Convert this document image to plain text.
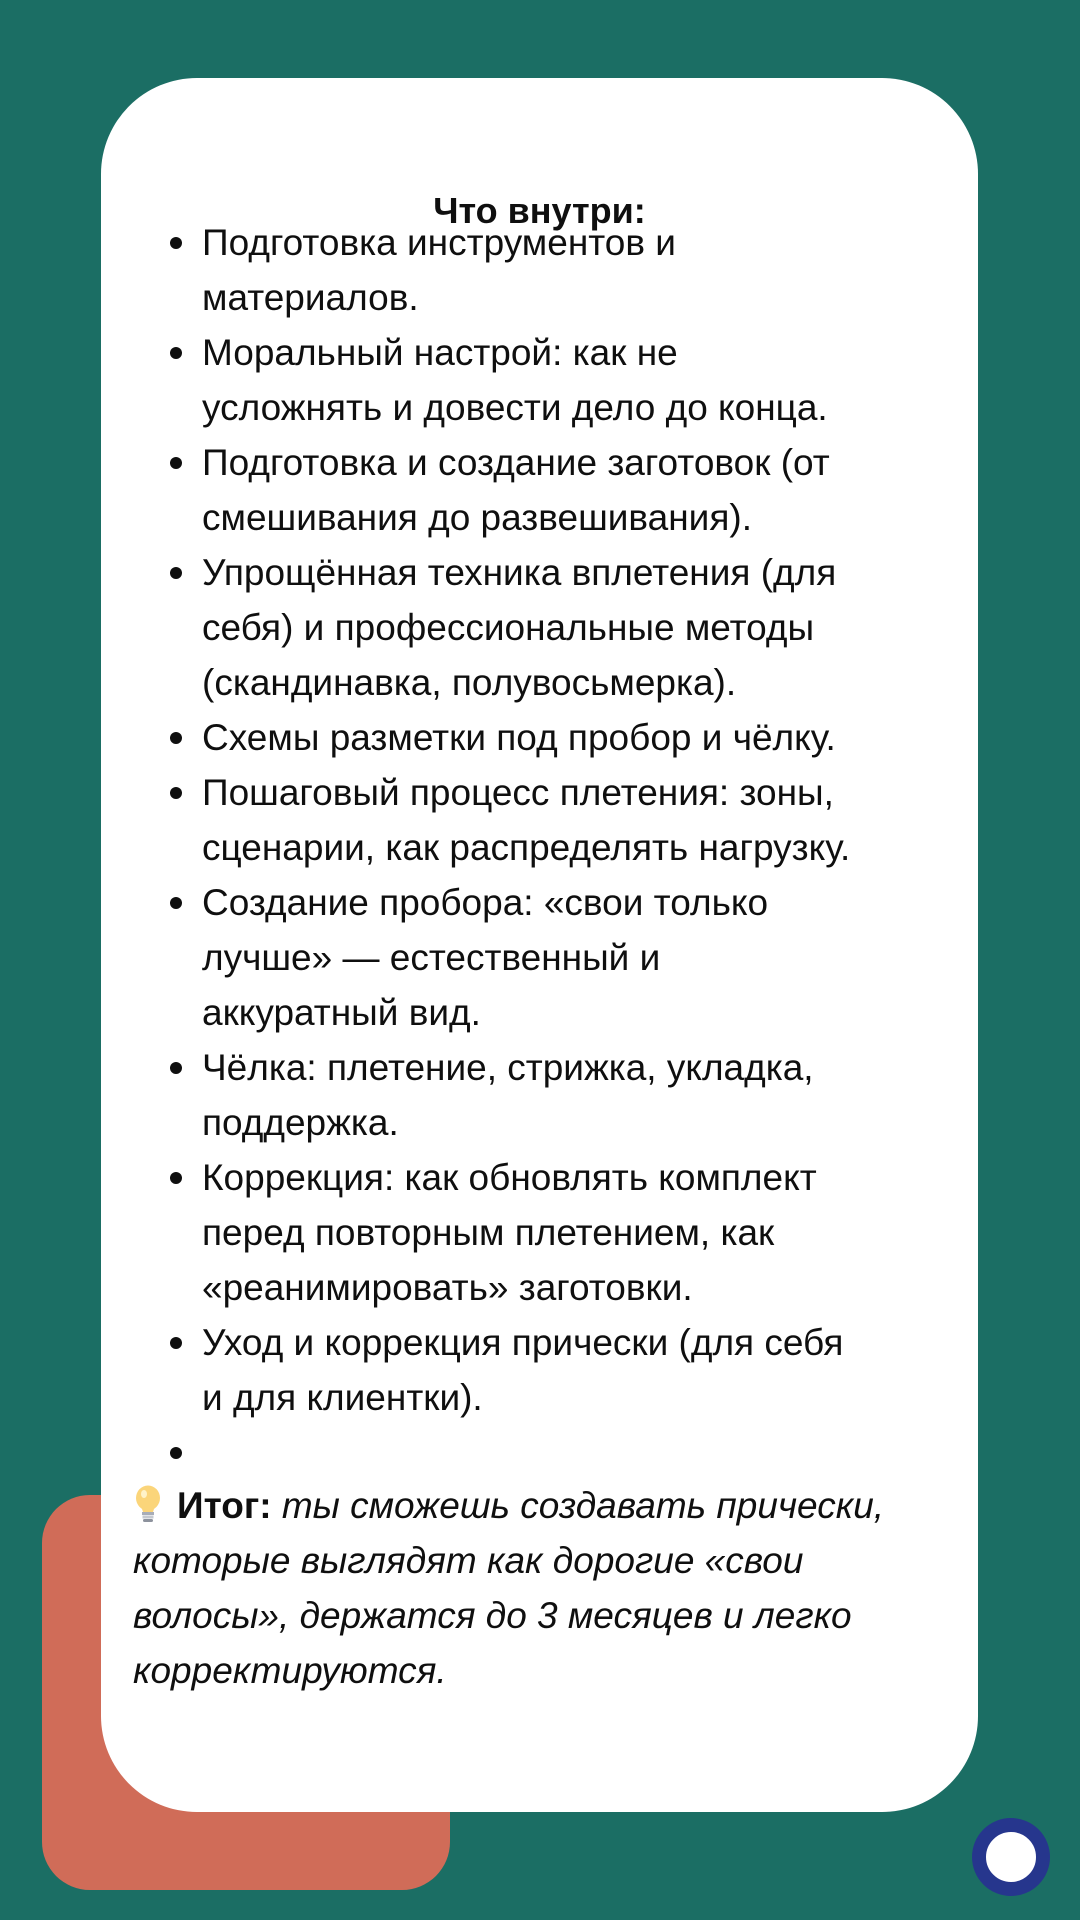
Что внутри:
Подготовка инструментов и материалов.
Моральный настрой: как не усложнять и довести дело до конца.
Подготовка и создание заготовок (от смешивания до развешивания).
Упрощённая техника вплетения (для себя) и профессиональные методы (скандинавка, полувосьмерка).
Схемы разметки под пробор и чёлку.
Пошаговый процесс плетения: зоны, сценарии, как распределять нагрузку.
Создание пробора: «свои только лучше» — естественный и аккуратный вид.
Чёлка: плетение, стрижка, укладка, поддержка.
Коррекция: как обновлять комплект перед повторным плетением, как «реанимировать» заготовки.
Уход и коррекция прически (для себя и для клиентки).

Итог: ты сможешь создавать прически, которые выглядят как дорогие «свои волосы», держатся до 3 месяцев и легко корректируются.
